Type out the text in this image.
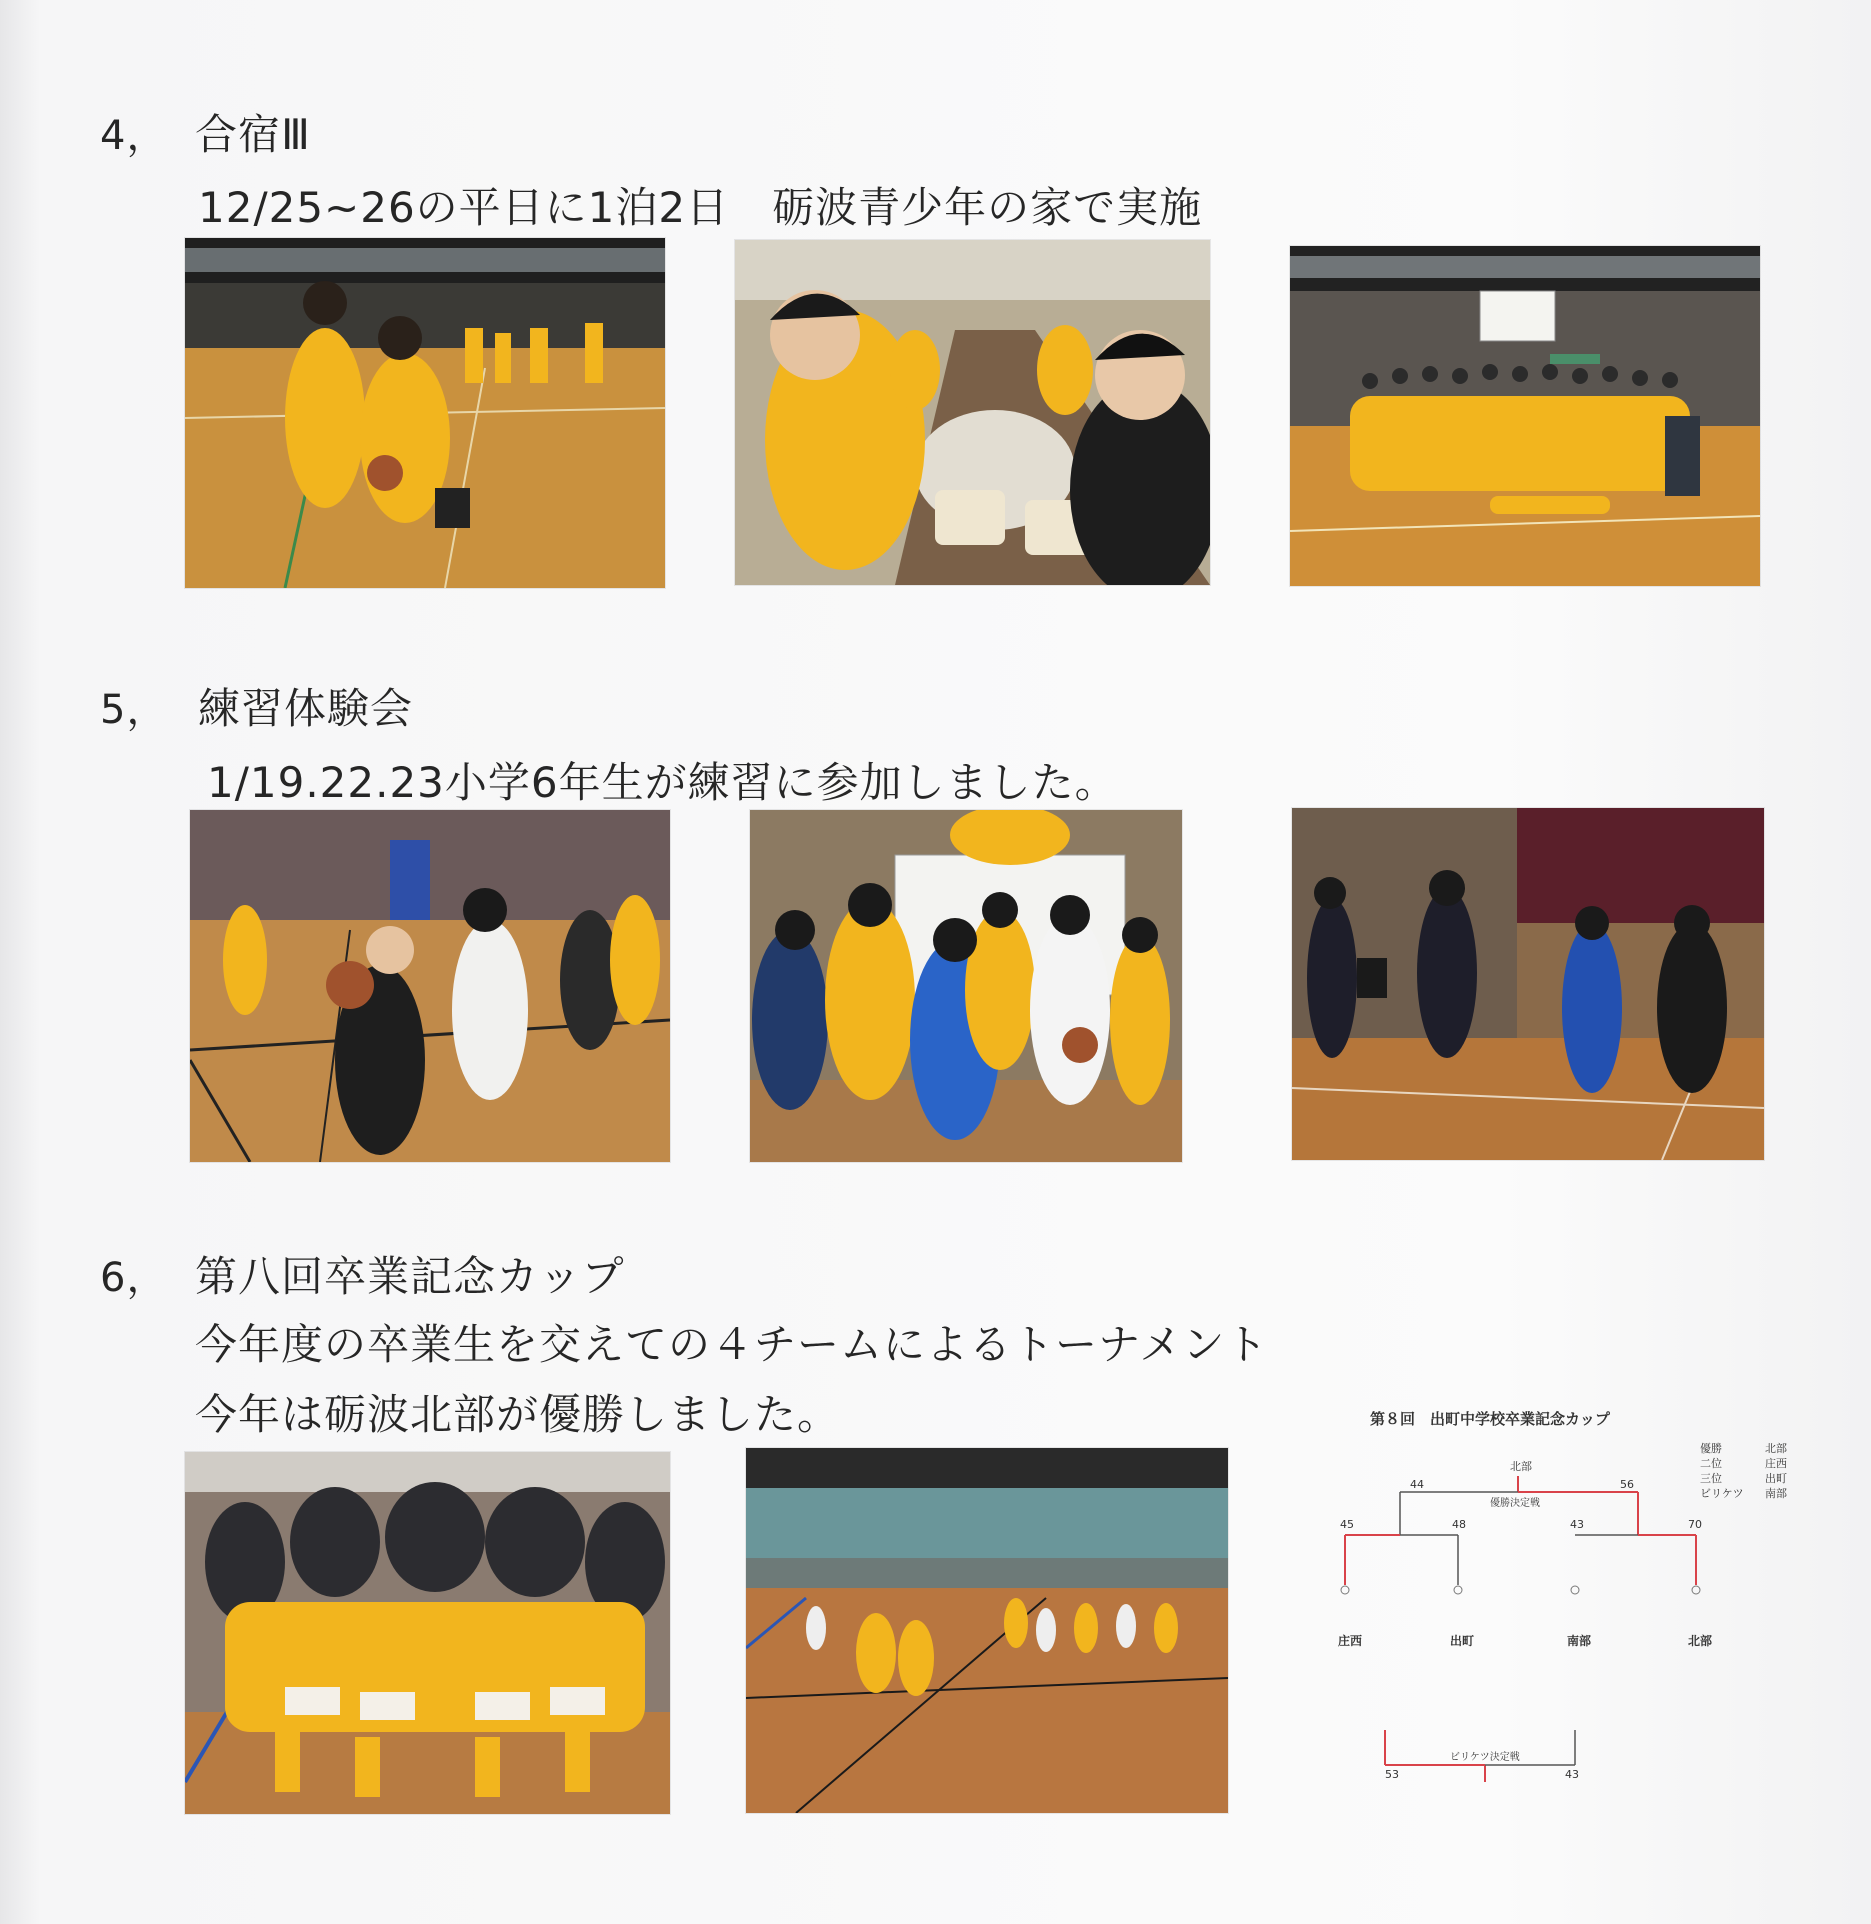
4， 合宿Ⅲ
12/25~26の平日に1泊2日　砺波青少年の家で実施
5， 練習体験会
1/19.22.23小学6年生が練習に参加しました。
6， 第八回卒業記念カップ
今年度の卒業生を交えての４チームによるトーナメント
今年は砺波北部が優勝しました。	第８回　出町中学校卒業記念カップ
優勝	北部
二位	庄西
三位	出町
ビリケツ 南部
北部
44	56
優勝決定戦
45	48	43	70
庄西	出町	南部	北部
ビリケツ決定戦
53	43
